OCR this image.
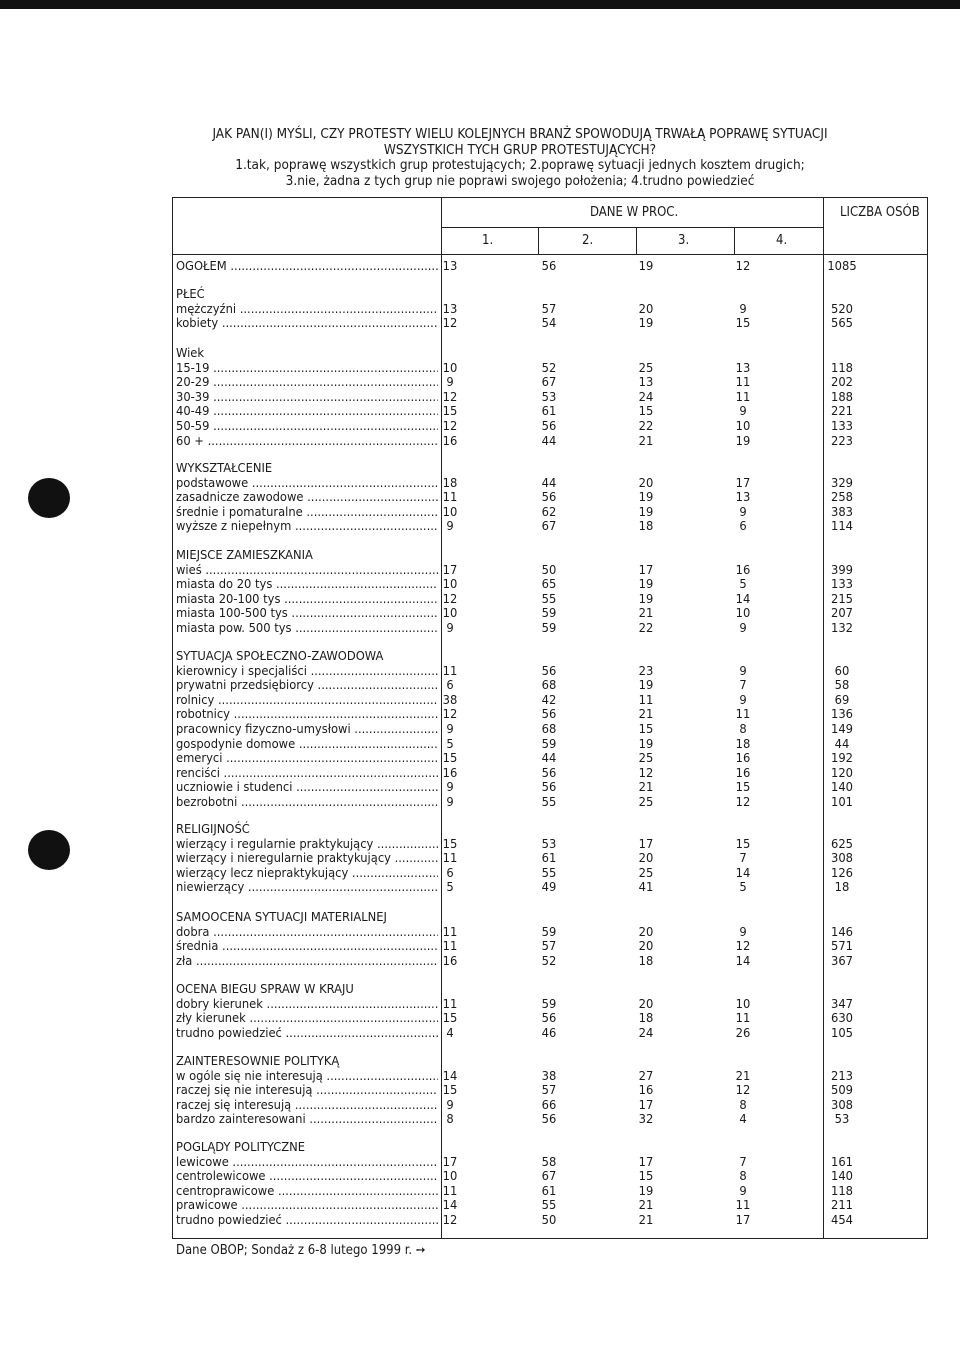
JAK PAN(I) MYŚLI, CZY PROTESTY WIELU KOLEJNYCH BRANŻ SPOWODUJĄ TRWAŁĄ POPRAWĘ SYTUACJI
WSZYSTKICH TYCH GRUP PROTESTUJĄCYCH?
1.tak, poprawę wszystkich grup protestujących; 2.poprawę sytuacji jednych kosztem drugich;
3.nie, żadna z tych grup nie poprawi swojego położenia; 4.trudno powiedzieć
DANE W PROC.	LICZBA OSÓB
1.	2.	3.	4.
OGÓŁEM .....	13	56	19	12	1085
PŁEĆ
mężczyźni .....	13	57	20	9	520
kobiety .....	12	54	19	15	565
Wiek
15-19 .....	10	52	25	13	118
20-29 .....	9	67	13	11	202
30-39 .....	12	53	24	11	188
40-49 .....	15	61	15	9	221
50-59 .....	12	56	22	10	133
60 + .....	16	44	21	19	223
WYKSZTAŁCENIE
podstawowe .....	18	44	20	17	329
zasadnicze zawodowe .....	11	56	19	13	258
średnie i pomaturalne .....	10	62	19	9	383
wyższe z niepełnym .....	9	67	18	6	114
MIEJSCE ZAMIESZKANIA
wieś .....	17	50	17	16	399
miasta do 20 tys .....	10	65	19	5	133
miasta 20-100 tys .....	12	55	19	14	215
miasta 100-500 tys .....	10	59	21	10	207
miasta pow. 500 tys .....	9	59	22	9	132
SYTUACJA SPOŁECZNO-ZAWODOWA
kierownicy i specjaliści .....	11	56	23	9	60
prywatni przedsiębiorcy .....	6	68	19	7	58
rolnicy .....	38	42	11	9	69
robotnicy .....	12	56	21	11	136
pracownicy fizyczno-umysłowi .....	9	68	15	8	149
gospodynie domowe .....	5	59	19	18	44
emeryci .....	15	44	25	16	192
renciści .....	16	56	12	16	120
uczniowie i studenci .....	9	56	21	15	140
bezrobotni .....	9	55	25	12	101
RELIGIJNOŚĆ
wierzący i regularnie praktykujący .....	15	53	17	15	625
wierzący i nieregularnie praktykujący .....	11	61	20	7	308
wierzący lecz niepraktykujący .....	6	55	25	14	126
niewierzący .....	5	49	41	5	18
SAMOOCENA SYTUACJI MATERIALNEJ
dobra .....	11	59	20	9	146
średnia .....	11	57	20	12	571
zła .....	16	52	18	14	367
OCENA BIEGU SPRAW W KRAJU
dobry kierunek .....	11	59	20	10	347
zły kierunek .....	15	56	18	11	630
trudno powiedzieć .....	4	46	24	26	105
ZAINTERESOWNIE POLITYKĄ
w ogóle się nie interesują .....	14	38	27	21	213
raczej się nie interesują .....	15	57	16	12	509
raczej się interesują .....	9	66	17	8	308
bardzo zainteresowani .....	8	56	32	4	53
POGLĄDY POLITYCZNE
lewicowe .....	17	58	17	7	161
centrolewicowe .....	10	67	15	8	140
centroprawicowe .....	11	61	19	9	118
prawicowe .....	14	55	21	11	211
trudno powiedzieć .....	12	50	21	17	454
Dane OBOP; Sondaż z 6-8 lutego 1999 r. ➙
